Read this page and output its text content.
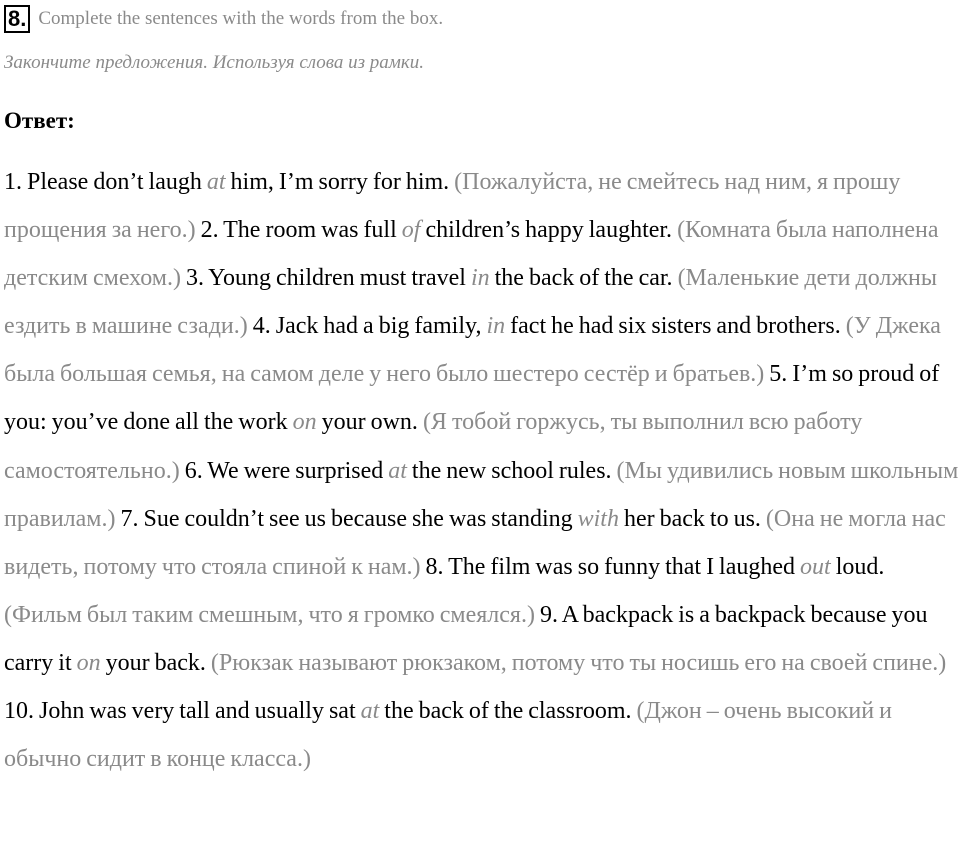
8. Complete the sentences with the words from the box.
Закончите предложения. Используя слова из рамки.
Ответ:
1. Please don’t laugh at him, I’m sorry for him. (Пожалуйста, не смейтесь над ним, я прошу прощения за него.) 2. The room was full of children’s happy laughter. (Комната была наполнена детским смехом.) 3. Young children must travel in the back of the car. (Маленькие дети должны ездить в машине сзади.) 4. Jack had a big family, in fact he had six sisters and brothers. (У Джека была большая семья, на самом деле у него было шестеро сестёр и братьев.) 5. I’m so proud of you: you’ve done all the work on your own. (Я тобой горжусь, ты выполнил всю работу самостоятельно.) 6. We were surprised at the new school rules. (Мы удивились новым школьным правилам.) 7. Sue couldn’t see us because she was standing with her back to us. (Она не могла нас видеть, потому что стояла спиной к нам.) 8. The film was so funny that I laughed out loud. (Фильм был таким смешным, что я громко смеялся.) 9. A backpack is a backpack because you carry it on your back. (Рюкзак называют рюкзаком, потому что ты носишь его на своей спине.) 10. John was very tall and usually sat at the back of the classroom. (Джон – очень высокий и обычно сидит в конце класса.)
